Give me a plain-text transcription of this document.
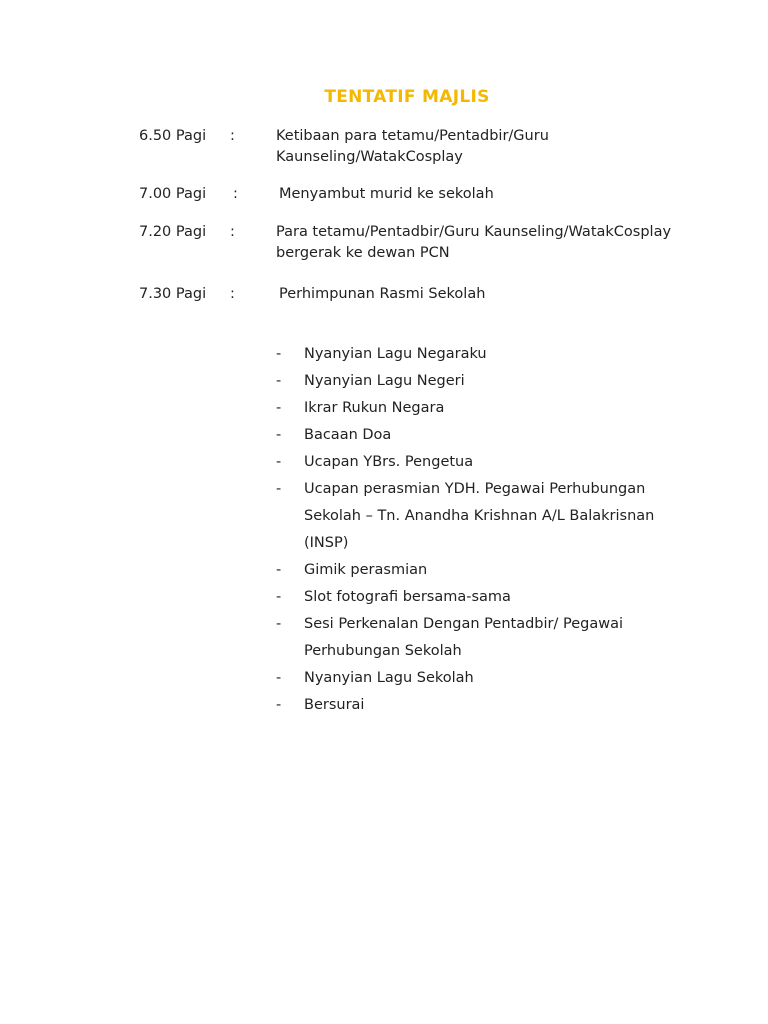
TENTATIF MAJLIS
6.50 Pagi :	Ketibaan para tetamu/Pentadbir/Guru Kaunseling/WatakCosplay
7.00 Pagi :	Menyambut murid ke sekolah
7.20 Pagi :	Para tetamu/Pentadbir/Guru Kaunseling/WatakCosplay bergerak ke dewan PCN
7.30 Pagi :	Perhimpunan Rasmi Sekolah
- Nyanyian Lagu Negaraku
- Nyanyian Lagu Negeri
- Ikrar Rukun Negara
- Bacaan Doa
- Ucapan YBrs. Pengetua
- Ucapan perasmian YDH. Pegawai Perhubungan Sekolah – Tn. Anandha Krishnan A/L Balakrisnan (INSP)
- Gimik perasmian
- Slot fotografi bersama-sama
- Sesi Perkenalan Dengan Pentadbir/ Pegawai Perhubungan Sekolah
- Nyanyian Lagu Sekolah
- Bersurai
